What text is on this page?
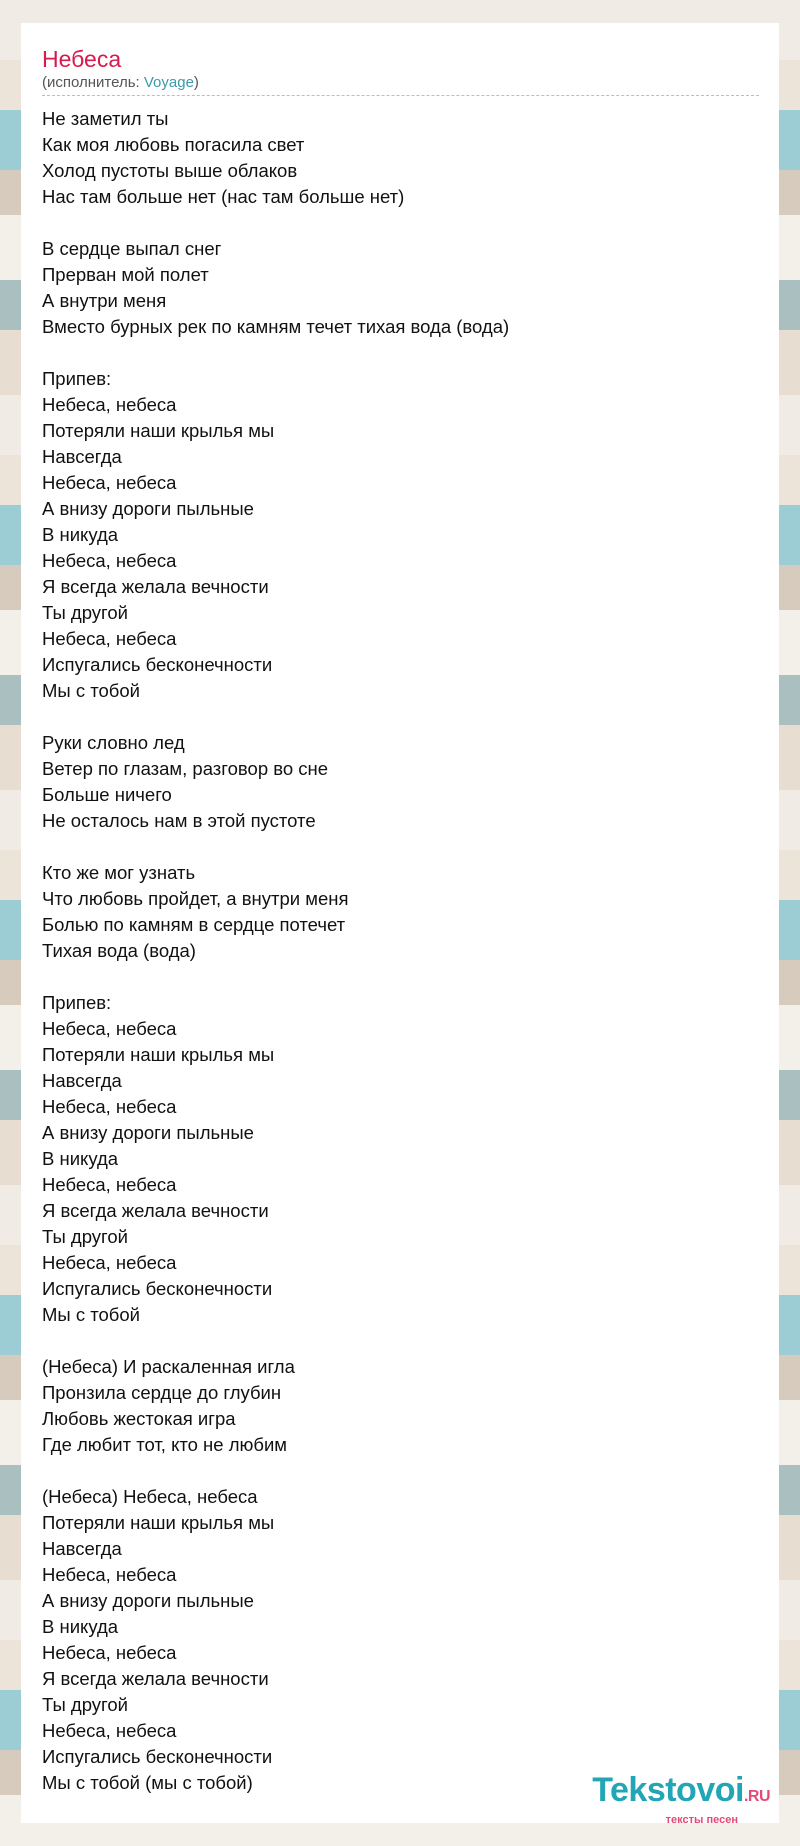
Небеса
(исполнитель: Voyage)
Не заметил ты
Как моя любовь погасила свет
Холод пустоты выше облаков
Нас там больше нет (нас там больше нет)
В сердце выпал снег
Прерван мой полет
А внутри меня
Вместо бурных рек по камням течет тихая вода (вода)
Припев:
Небеса, небеса
Потеряли наши крылья мы
Навсегда
Небеса, небеса
А внизу дороги пыльные
В никуда
Небеса, небеса
Я всегда желала вечности
Ты другой
Небеса, небеса
Испугались бесконечности
Мы с тобой
Руки словно лед
Ветер по глазам, разговор во сне
Больше ничего
Не осталось нам в этой пустоте
Кто же мог узнать
Что любовь пройдет, а внутри меня
Болью по камням в сердце потечет
Тихая вода (вода)
Припев:
Небеса, небеса
Потеряли наши крылья мы
Навсегда
Небеса, небеса
А внизу дороги пыльные
В никуда
Небеса, небеса
Я всегда желала вечности
Ты другой
Небеса, небеса
Испугались бесконечности
Мы с тобой
(Небеса) И раскаленная игла
Пронзила сердце до глубин
Любовь жестокая игра
Где любит тот, кто не любим
(Небеса) Небеса, небеса
Потеряли наши крылья мы
Навсегда
Небеса, небеса
А внизу дороги пыльные
В никуда
Небеса, небеса
Я всегда желала вечности
Ты другой
Небеса, небеса
Испугались бесконечности
Мы с тобой (мы с тобой)	Tekstovoi.RU
тексты песен
